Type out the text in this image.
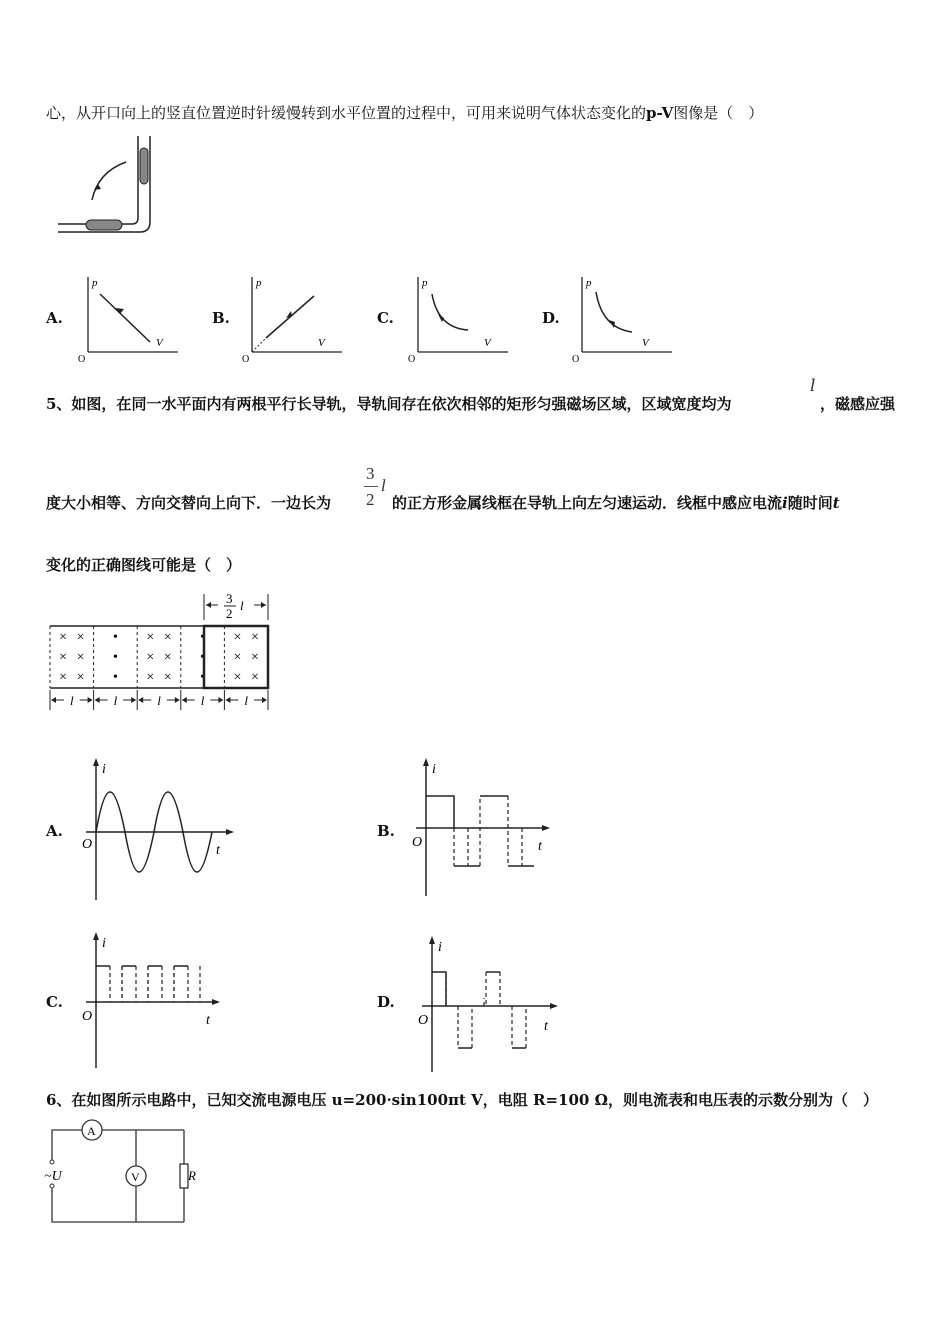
心，从开口向上的竖直位置逆时针缓慢转到水平位置的过程中，可用来说明气体状态变化的p-V图像是（　）
A.
p
V
O
B.
p
V
O
C.
p
V
O
D.
p
V
O
5、如图，在同一水平面内有两根平行长导轨，导轨间存在依次相邻的矩形匀强磁场区域，区域宽度均为
l
，磁感应强
度大小相等、方向交替向上向下．一边长为
3
2
l
的正方形金属线框在导轨上向左匀速运动．线框中感应电流i随时间t
变化的正确图线可能是（　）
3
2
l
× ×
× ×
× ×
•
•
•
× ×
× ×
× ×
•
•
•
× ×
× ×
× ×
l	l	l	l	l
A.
i
t
O
B.
i
t
O
C.
i
t
O
D.
i
t
O
6、在如图所示电路中，已知交流电源电压 u=200·sin100πt V，电阻 R=100 Ω，则电流表和电压表的示数分别为（　）
A
V
~U	R
